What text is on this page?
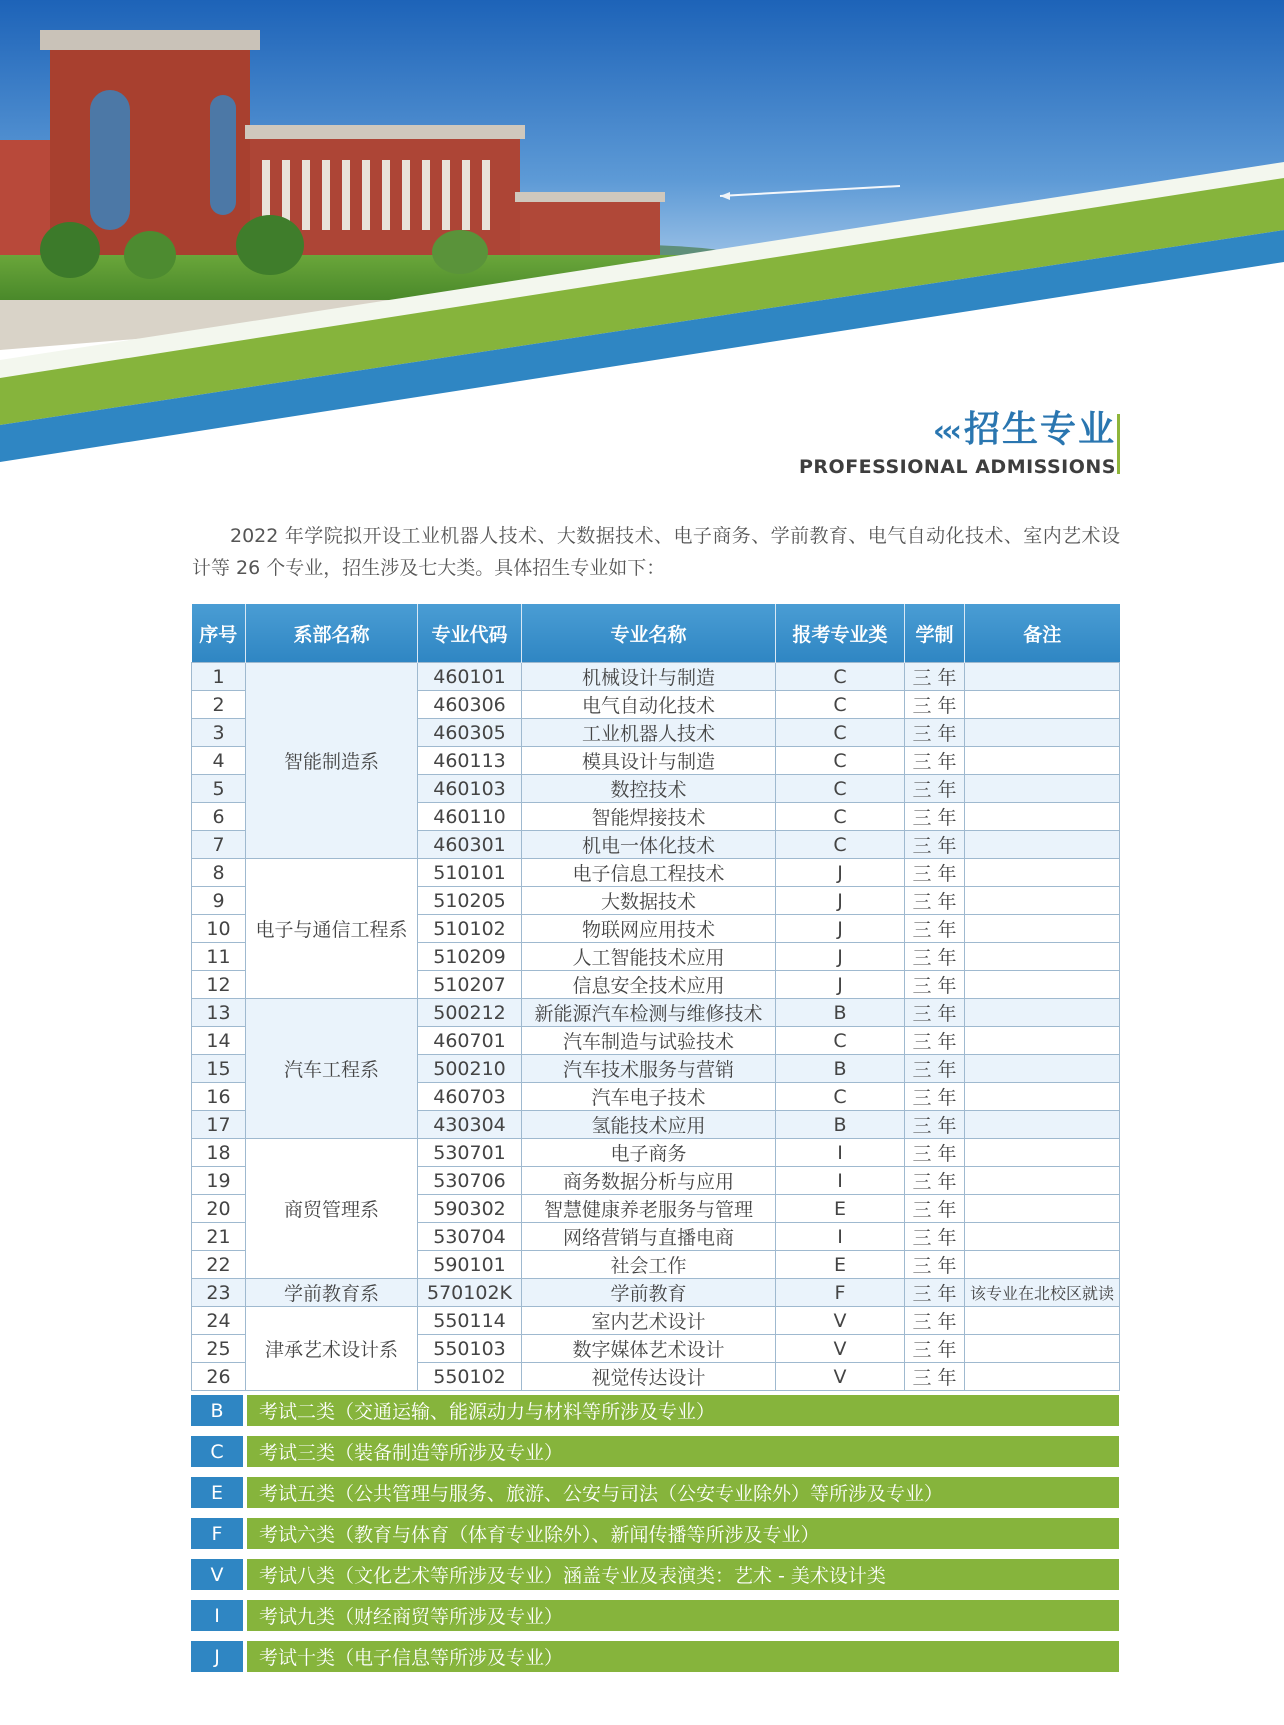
‹‹‹ 招生专业
PROFESSIONAL ADMISSIONS
2022 年学院拟开设工业机器人技术、大数据技术、电子商务、学前教育、电气自动化技术、室内艺术设计等 26 个专业，招生涉及七大类。具体招生专业如下：
序号	系部名称	专业代码	专业名称	报考专业类	学制	备注
1	智能制造系	460101	机械设计与制造	C	三 年	
2		460306	电气自动化技术	C	三 年	
3		460305	工业机器人技术	C	三 年	
4		460113	模具设计与制造	C	三 年	
5		460103	数控技术	C	三 年	
6		460110	智能焊接技术	C	三 年	
7		460301	机电一体化技术	C	三 年	
8	电子与通信工程系	510101	电子信息工程技术	J	三 年	
9		510205	大数据技术	J	三 年	
10		510102	物联网应用技术	J	三 年	
11		510209	人工智能技术应用	J	三 年	
12		510207	信息安全技术应用	J	三 年	
13	汽车工程系	500212	新能源汽车检测与维修技术	B	三 年	
14		460701	汽车制造与试验技术	C	三 年	
15		500210	汽车技术服务与营销	B	三 年	
16		460703	汽车电子技术	C	三 年	
17		430304	氢能技术应用	B	三 年	
18	商贸管理系	530701	电子商务	I	三 年	
19		530706	商务数据分析与应用	I	三 年	
20		590302	智慧健康养老服务与管理	E	三 年	
21		530704	网络营销与直播电商	I	三 年	
22		590101	社会工作	E	三 年	
23	学前教育系	570102K	学前教育	F	三 年	该专业在北校区就读
24	津承艺术设计系	550114	室内艺术设计	V	三 年	
25		550103	数字媒体艺术设计	V	三 年	
26		550102	视觉传达设计	V	三 年	
B	考试二类（交通运输、能源动力与材料等所涉及专业）
C	考试三类（装备制造等所涉及专业）
E	考试五类（公共管理与服务、旅游、公安与司法（公安专业除外）等所涉及专业）
F	考试六类（教育与体育（体育专业除外）、新闻传播等所涉及专业）
V	考试八类（文化艺术等所涉及专业）涵盖专业及表演类：艺术 - 美术设计类
I	考试九类（财经商贸等所涉及专业）
J	考试十类（电子信息等所涉及专业）
